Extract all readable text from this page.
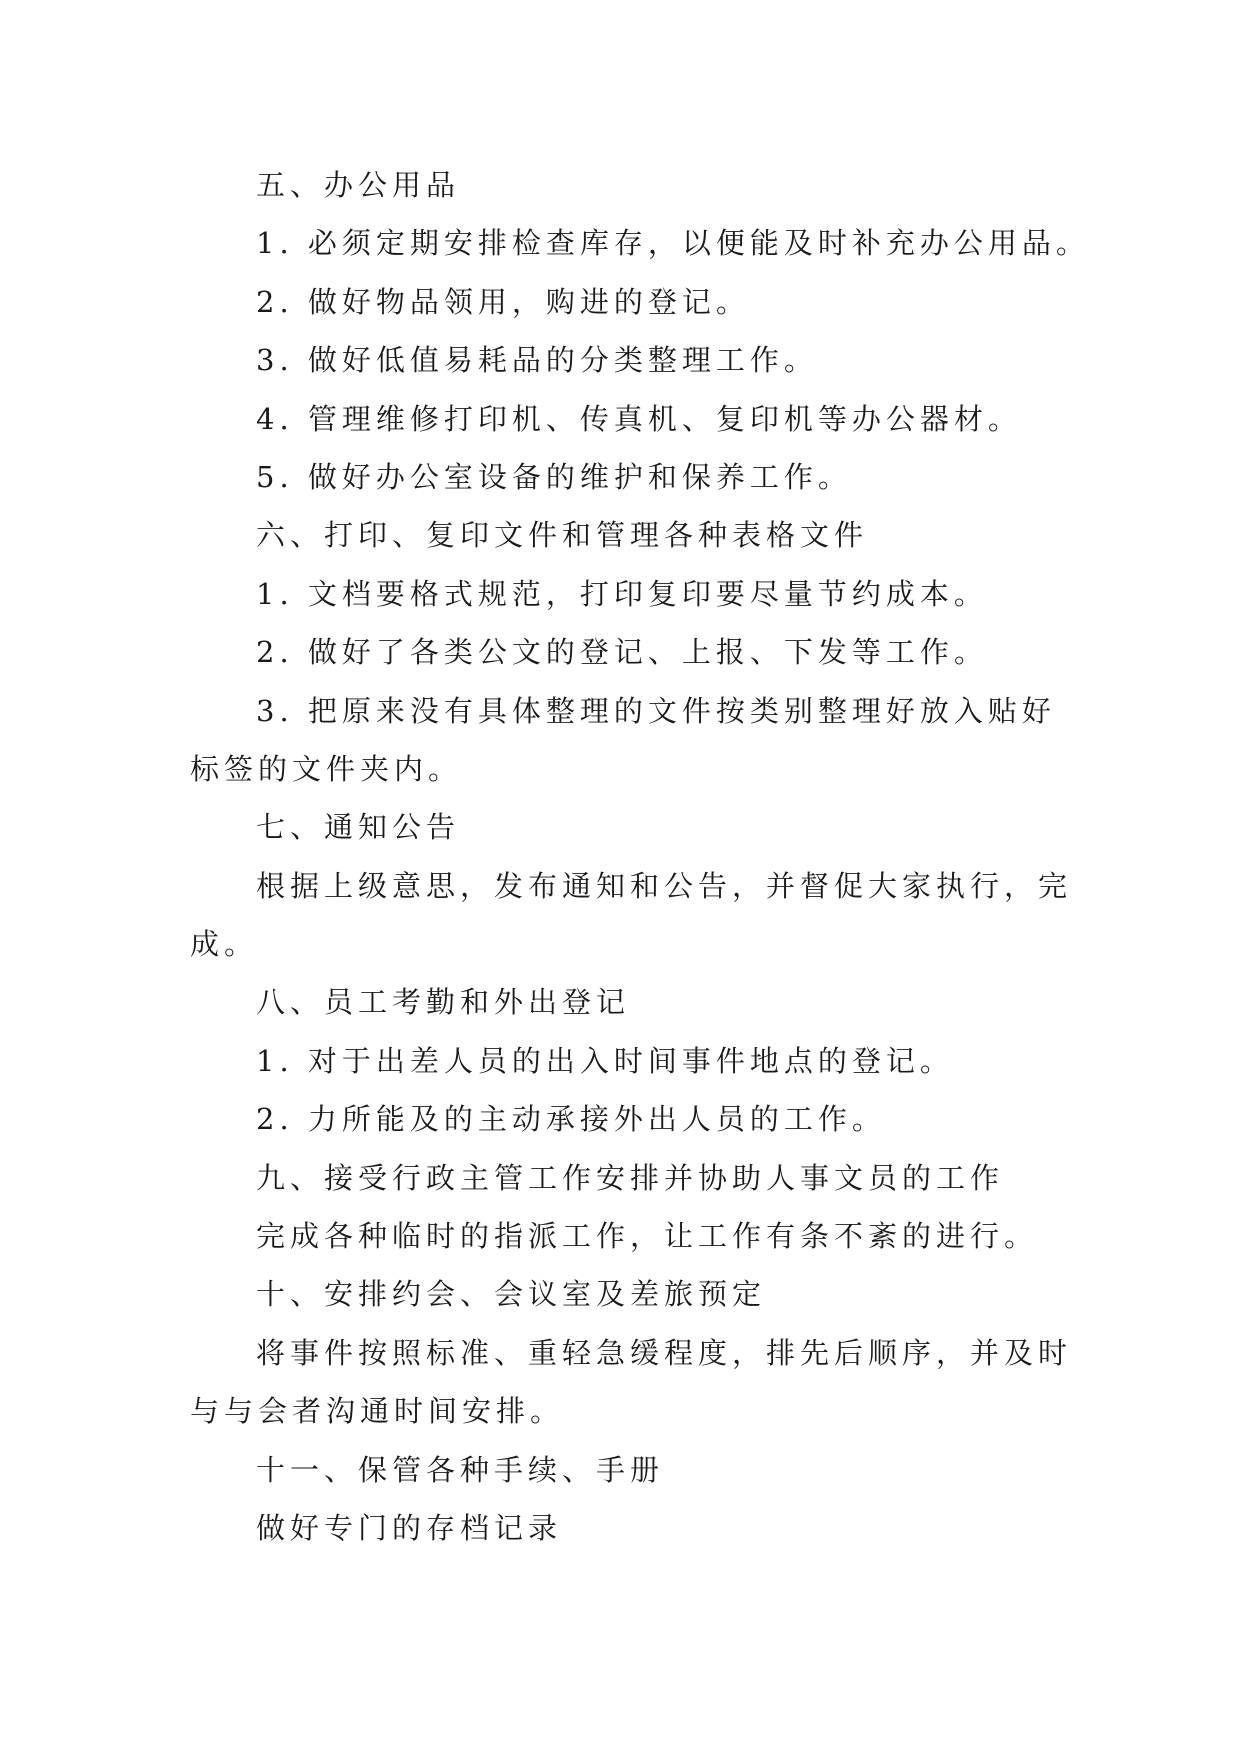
五、办公用品
1. 必须定期安排检查库存，以便能及时补充办公用品。
2. 做好物品领用，购进的登记。
3. 做好低值易耗品的分类整理工作。
4. 管理维修打印机、传真机、复印机等办公器材。
5. 做好办公室设备的维护和保养工作。
六、打印、复印文件和管理各种表格文件
1. 文档要格式规范，打印复印要尽量节约成本。
2. 做好了各类公文的登记、上报、下发等工作。
3. 把原来没有具体整理的文件按类别整理好放入贴好
标签的文件夹内。
七、通知公告
根据上级意思，发布通知和公告，并督促大家执行，完
成。
八、员工考勤和外出登记
1. 对于出差人员的出入时间事件地点的登记。
2. 力所能及的主动承接外出人员的工作。
九、接受行政主管工作安排并协助人事文员的工作
完成各种临时的指派工作，让工作有条不紊的进行。
十、安排约会、会议室及差旅预定
将事件按照标准、重轻急缓程度，排先后顺序，并及时
与与会者沟通时间安排。
十一、保管各种手续、手册
做好专门的存档记录
